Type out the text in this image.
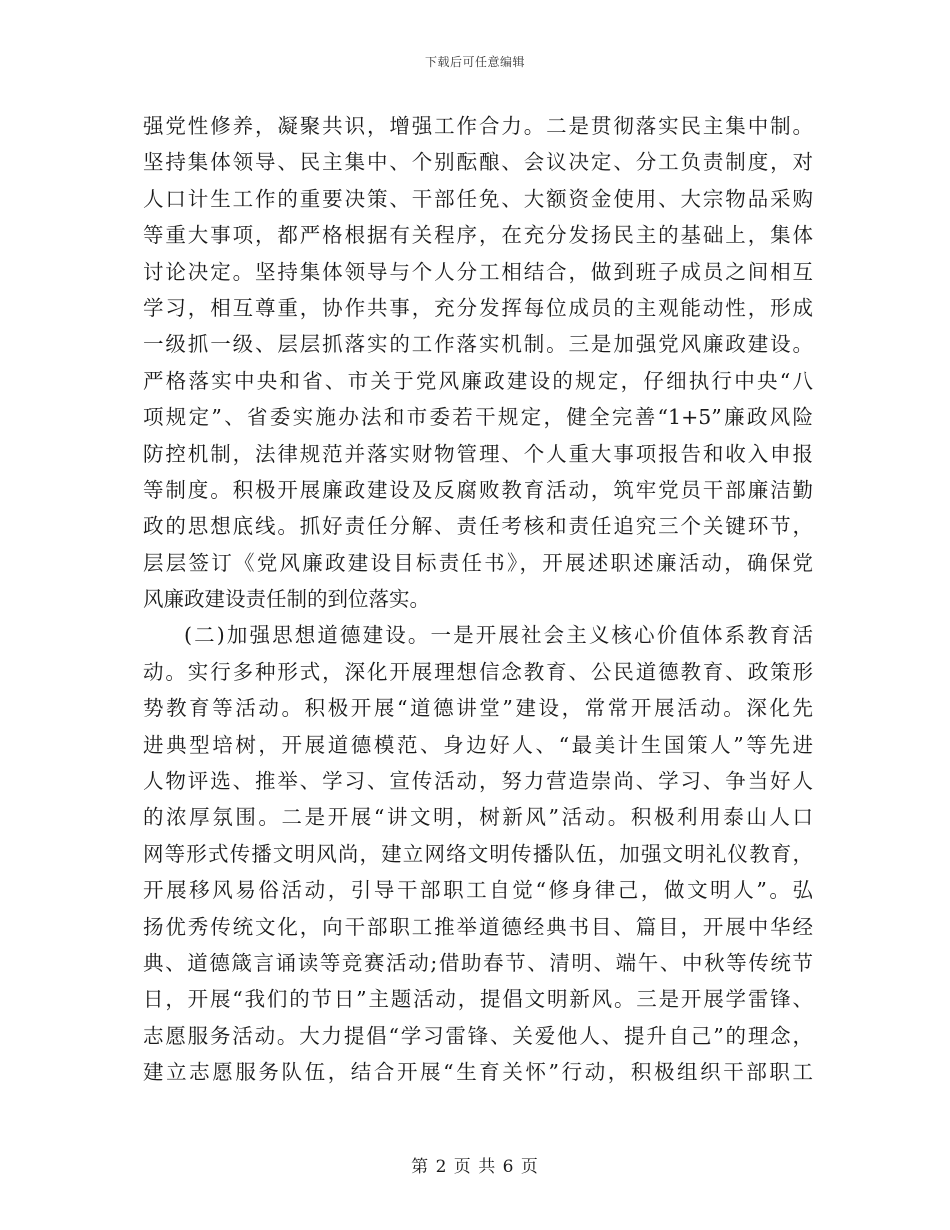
下载后可任意编辑
强党性修养，凝聚共识，增强工作合力。二是贯彻落实民主集中制。
坚持集体领导、民主集中、个别酝酿、会议决定、分工负责制度，对
人口计生工作的重要决策、干部任免、大额资金使用、大宗物品采购
等重大事项，都严格根据有关程序，在充分发扬民主的基础上，集体
讨论决定。坚持集体领导与个人分工相结合，做到班子成员之间相互
学习，相互尊重，协作共事，充分发挥每位成员的主观能动性，形成
一级抓一级、层层抓落实的工作落实机制。三是加强党风廉政建设。
严格落实中央和省、市关于党风廉政建设的规定，仔细执行中央“八
项规定”、省委实施办法和市委若干规定，健全完善“1+5”廉政风险
防控机制，法律规范并落实财物管理、个人重大事项报告和收入申报
等制度。积极开展廉政建设及反腐败教育活动，筑牢党员干部廉洁勤
政的思想底线。抓好责任分解、责任考核和责任追究三个关键环节，
层层签订《党风廉政建设目标责任书》，开展述职述廉活动，确保党
风廉政建设责任制的到位落实。
(二)加强思想道德建设。一是开展社会主义核心价值体系教育活
动。实行多种形式，深化开展理想信念教育、公民道德教育、政策形
势教育等活动。积极开展“道德讲堂”建设，常常开展活动。深化先
进典型培树，开展道德模范、身边好人、“最美计生国策人”等先进
人物评选、推举、学习、宣传活动，努力营造崇尚、学习、争当好人
的浓厚氛围。二是开展“讲文明，树新风”活动。积极利用泰山人口
网等形式传播文明风尚，建立网络文明传播队伍，加强文明礼仪教育，
开展移风易俗活动，引导干部职工自觉“修身律己，做文明人”。弘
扬优秀传统文化，向干部职工推举道德经典书目、篇目，开展中华经
典、道德箴言诵读等竞赛活动;借助春节、清明、端午、中秋等传统节
日，开展“我们的节日”主题活动，提倡文明新风。三是开展学雷锋、
志愿服务活动。大力提倡“学习雷锋、关爱他人、提升自己”的理念，
建立志愿服务队伍，结合开展“生育关怀”行动，积极组织干部职工
第 2 页 共 6 页
